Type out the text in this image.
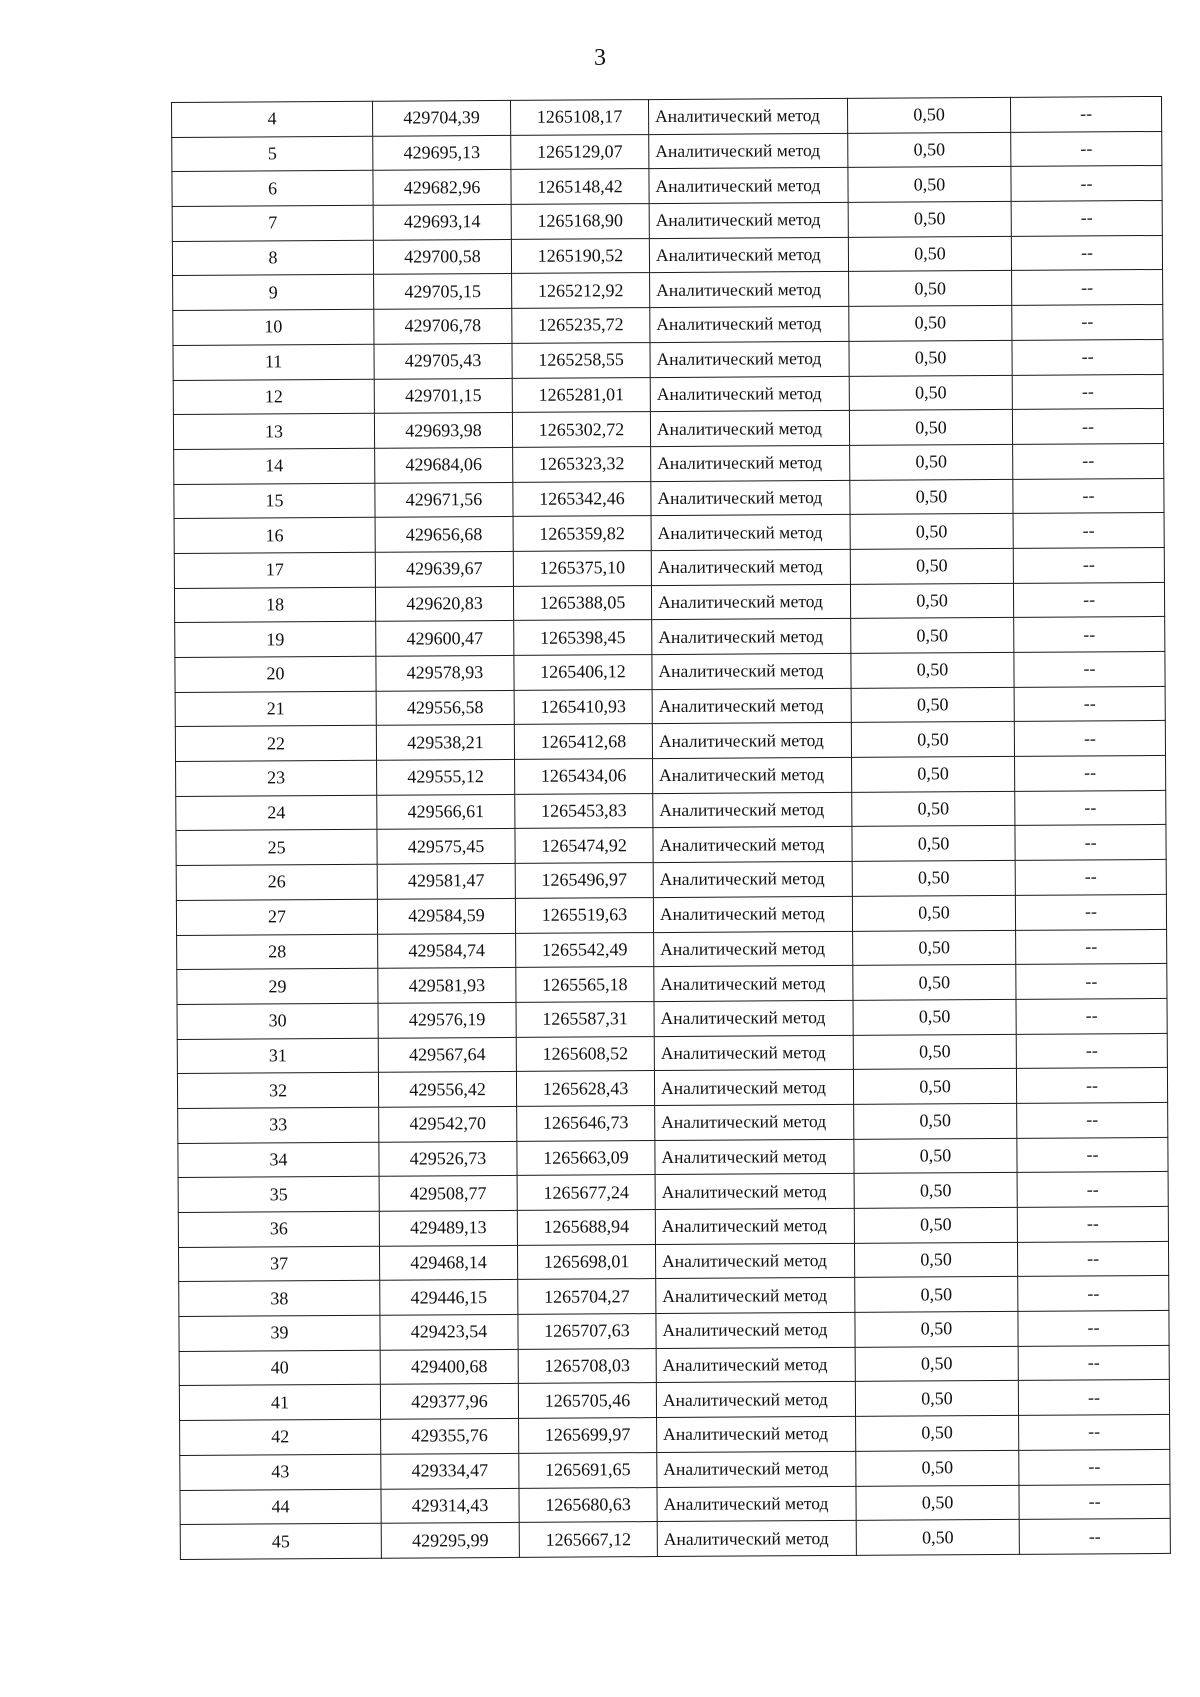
3
4	429704,39	1265108,17	Аналитический метод	0,50	--
5	429695,13	1265129,07	Аналитический метод	0,50	--
6	429682,96	1265148,42	Аналитический метод	0,50	--
7	429693,14	1265168,90	Аналитический метод	0,50	--
8	429700,58	1265190,52	Аналитический метод	0,50	--
9	429705,15	1265212,92	Аналитический метод	0,50	--
10	429706,78	1265235,72	Аналитический метод	0,50	--
11	429705,43	1265258,55	Аналитический метод	0,50	--
12	429701,15	1265281,01	Аналитический метод	0,50	--
13	429693,98	1265302,72	Аналитический метод	0,50	--
14	429684,06	1265323,32	Аналитический метод	0,50	--
15	429671,56	1265342,46	Аналитический метод	0,50	--
16	429656,68	1265359,82	Аналитический метод	0,50	--
17	429639,67	1265375,10	Аналитический метод	0,50	--
18	429620,83	1265388,05	Аналитический метод	0,50	--
19	429600,47	1265398,45	Аналитический метод	0,50	--
20	429578,93	1265406,12	Аналитический метод	0,50	--
21	429556,58	1265410,93	Аналитический метод	0,50	--
22	429538,21	1265412,68	Аналитический метод	0,50	--
23	429555,12	1265434,06	Аналитический метод	0,50	--
24	429566,61	1265453,83	Аналитический метод	0,50	--
25	429575,45	1265474,92	Аналитический метод	0,50	--
26	429581,47	1265496,97	Аналитический метод	0,50	--
27	429584,59	1265519,63	Аналитический метод	0,50	--
28	429584,74	1265542,49	Аналитический метод	0,50	--
29	429581,93	1265565,18	Аналитический метод	0,50	--
30	429576,19	1265587,31	Аналитический метод	0,50	--
31	429567,64	1265608,52	Аналитический метод	0,50	--
32	429556,42	1265628,43	Аналитический метод	0,50	--
33	429542,70	1265646,73	Аналитический метод	0,50	--
34	429526,73	1265663,09	Аналитический метод	0,50	--
35	429508,77	1265677,24	Аналитический метод	0,50	--
36	429489,13	1265688,94	Аналитический метод	0,50	--
37	429468,14	1265698,01	Аналитический метод	0,50	--
38	429446,15	1265704,27	Аналитический метод	0,50	--
39	429423,54	1265707,63	Аналитический метод	0,50	--
40	429400,68	1265708,03	Аналитический метод	0,50	--
41	429377,96	1265705,46	Аналитический метод	0,50	--
42	429355,76	1265699,97	Аналитический метод	0,50	--
43	429334,47	1265691,65	Аналитический метод	0,50	--
44	429314,43	1265680,63	Аналитический метод	0,50	--
45	429295,99	1265667,12	Аналитический метод	0,50	--
